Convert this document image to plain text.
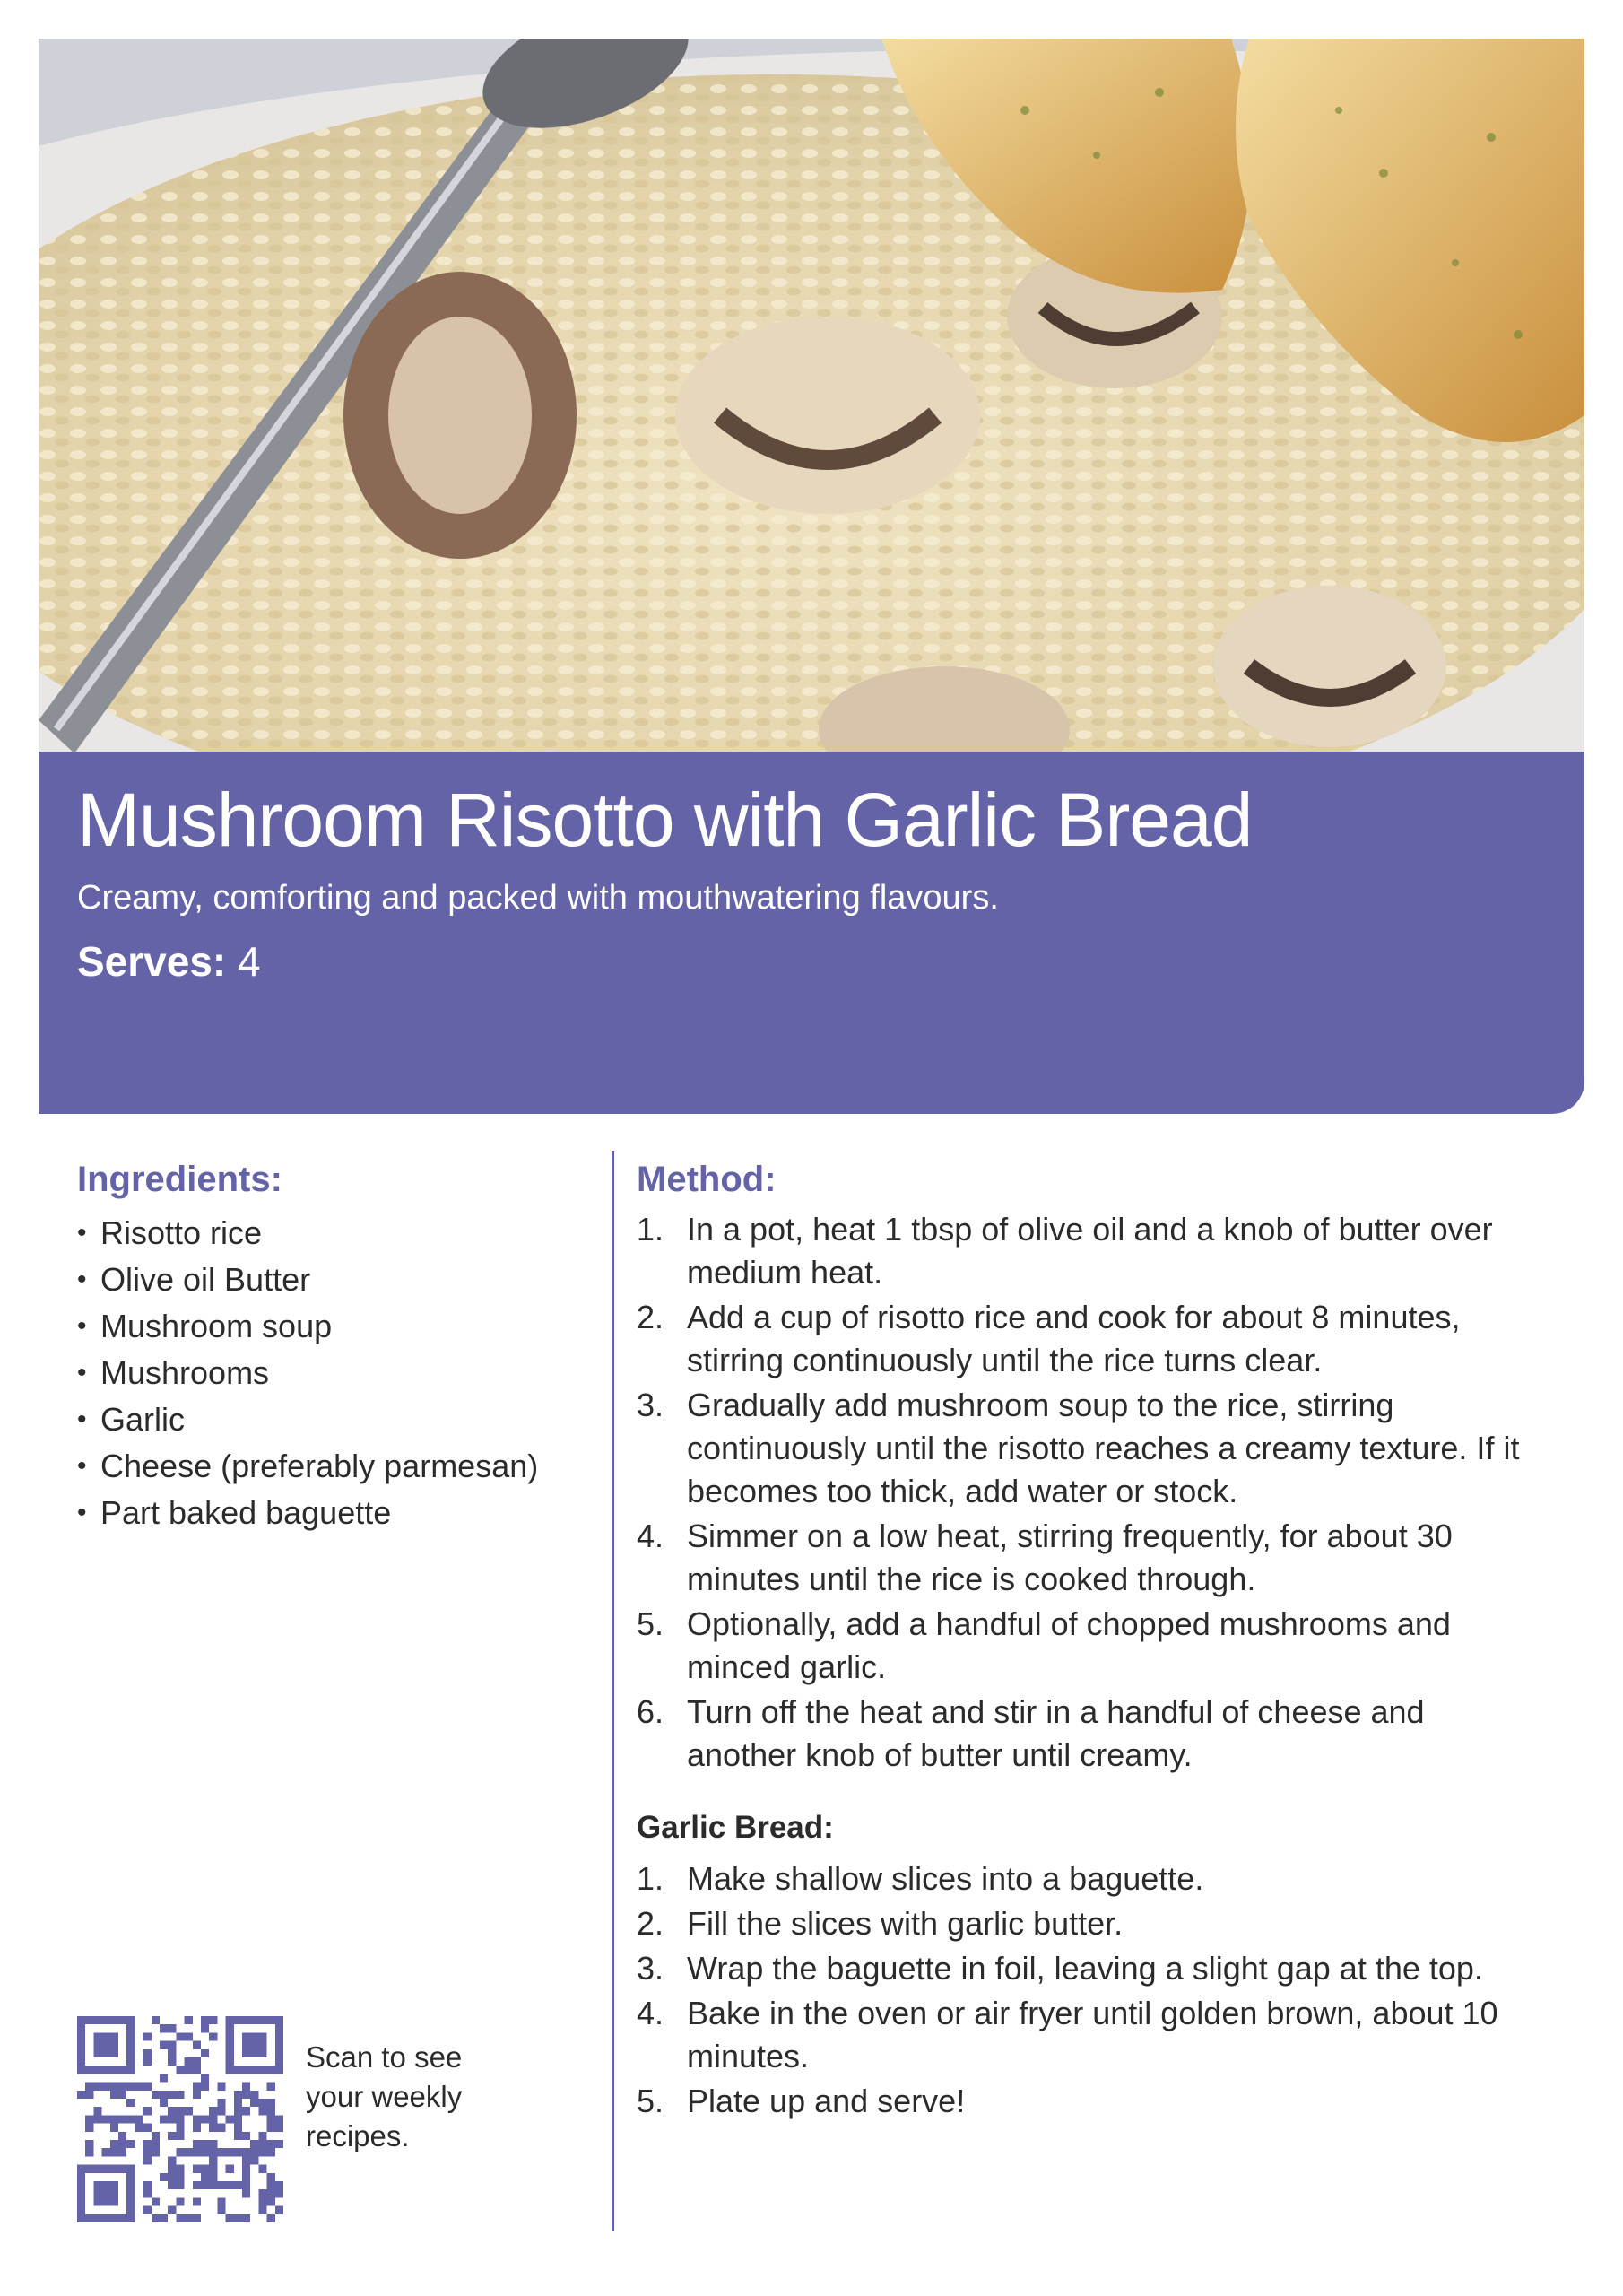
Mushroom Risotto with Garlic Bread

Creamy, comforting and packed with mouthwatering flavours.

Serves: 4

Ingredients:
• Risotto rice
• Olive oil Butter
• Mushroom soup
• Mushrooms
• Garlic
• Cheese (preferably parmesan)
• Part baked baguette
Method:
1. In a pot, heat 1 tbsp of olive oil and a knob of butter over medium heat.
2. Add a cup of risotto rice and cook for about 8 minutes, stirring continuously until the rice turns clear.
3. Gradually add mushroom soup to the rice, stirring continuously until the risotto reaches a creamy texture. If it becomes too thick, add water or stock.
4. Simmer on a low heat, stirring frequently, for about 30 minutes until the rice is cooked through.
5. Optionally, add a handful of chopped mushrooms and minced garlic.
6. Turn off the heat and stir in a handful of cheese and another knob of butter until creamy.
Garlic Bread:
1. Make shallow slices into a baguette.
2. Fill the slices with garlic butter.
3. Wrap the baguette in foil, leaving a slight gap at the top.
4. Bake in the oven or air fryer until golden brown, about 10 minutes.
5. Plate up and serve!

Scan to see your weekly recipes.
